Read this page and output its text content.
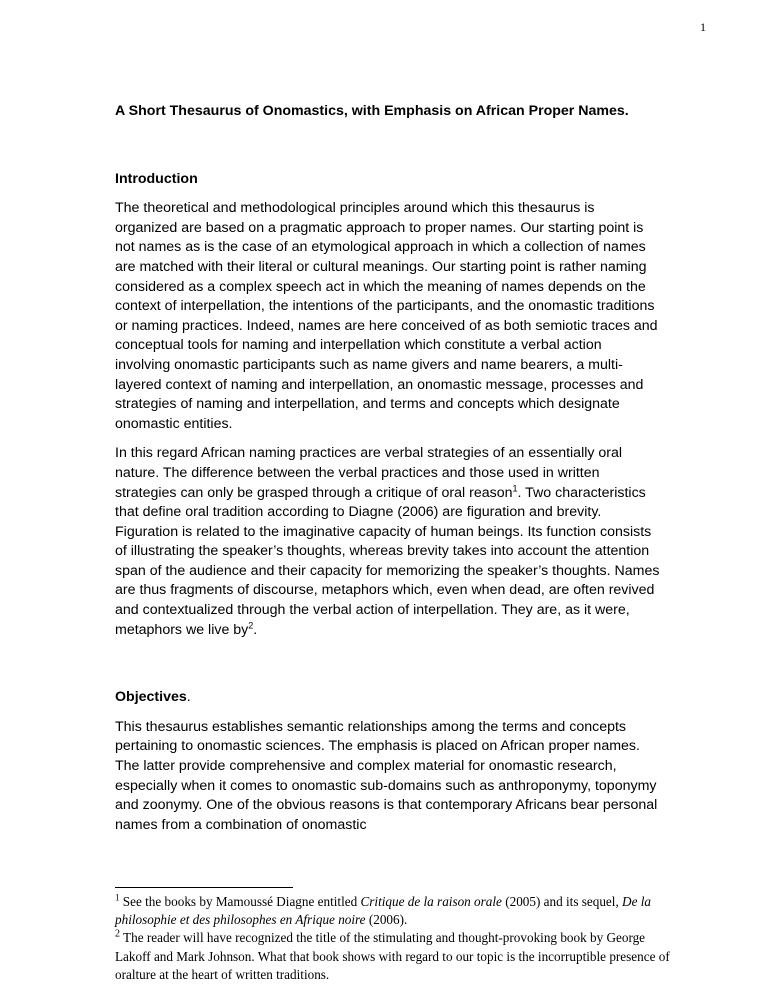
1

A Short Thesaurus of Onomastics, with Emphasis on African Proper Names.

Introduction

The theoretical and methodological principles around which this thesaurus is organized are based on a pragmatic approach to proper names. Our starting point is not names as is the case of an etymological approach in which a collection of names are matched with their literal or cultural meanings. Our starting point is rather naming considered as a complex speech act in which the meaning of names depends on the context of interpellation, the intentions of the participants, and the onomastic traditions or naming practices. Indeed, names are here conceived of as both semiotic traces and conceptual tools for naming and interpellation which constitute a verbal action involving onomastic participants such as name givers and name bearers, a multi-layered context of naming and interpellation, an onomastic message, processes and strategies of naming and interpellation, and terms and concepts which designate onomastic entities.

In this regard African naming practices are verbal strategies of an essentially oral nature. The difference between the verbal practices and those used in written strategies can only be grasped through a critique of oral reason$^1$. Two characteristics that define oral tradition according to Diagne (2006) are figuration and brevity. Figuration is related to the imaginative capacity of human beings. Its function consists of illustrating the speaker’s thoughts, whereas brevity takes into account the attention span of the audience and their capacity for memorizing the speaker’s thoughts. Names are thus fragments of discourse, metaphors which, even when dead, are often revived and contextualized through the verbal action of interpellation. They are, as it were, metaphors we live $by^2$.

Objectives.

This thesaurus establishes semantic relationships among the terms and concepts pertaining to onomastic sciences. The emphasis is placed on African proper names. The latter provide comprehensive and complex material for onomastic research, especially when it comes to onomastic sub-domains such as anthroponymy, toponymy and zoonymy. One of the obvious reasons is that contemporary Africans bear personal names from a combination of onomastic

$^1$ See the books by Mamoussé Diagne entitled Critique de la raison orale (2005) and its sequel, De la philosophie et des philosophes en Afrique noire (2006).

$^2$ The reader will have recognized the title of the stimulating and thought-provoking book by George Lakoff and Mark Johnson. What that book shows with regard to our topic is the incorruptible presence of oralture at the heart of written traditions.
